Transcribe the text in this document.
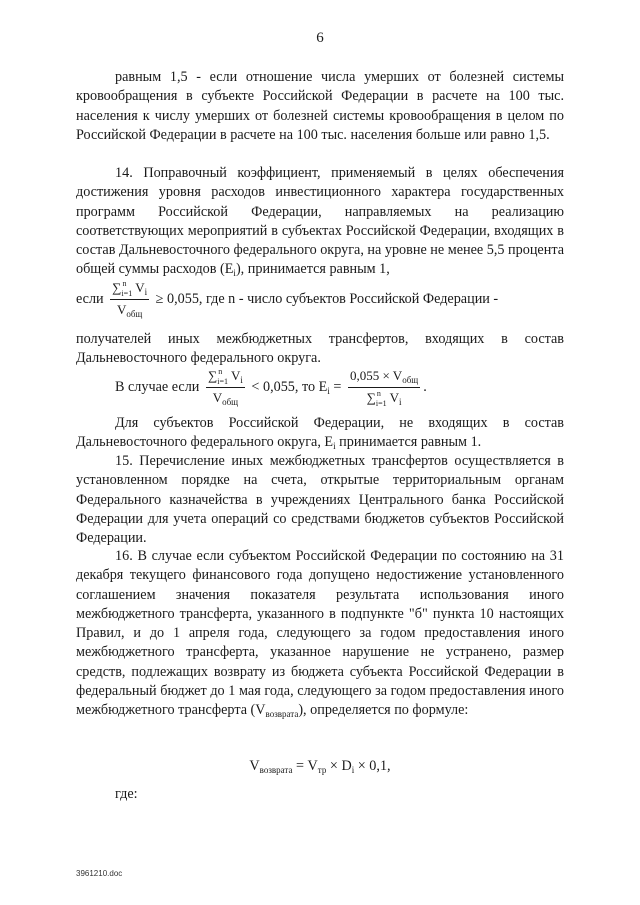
6

равным 1,5 - если отношение числа умерших от болезней системы кровообращения в субъекте Российской Федерации в расчете на 100 тыс. населения к числу умерших от болезней системы кровообращения в целом по Российской Федерации в расчете на 100 тыс. населения больше или равно 1,5.

14. Поправочный коэффициент, применяемый в целях обеспечения достижения уровня расходов инвестиционного характера государственных программ Российской Федерации, направляемых на реализацию соответствующих мероприятий в субъектах Российской Федерации, входящих в состав Дальневосточного федерального округа, на уровне не менее 5,5 процента общей суммы расходов $(E_i)$, принимается равным 1,

если $\frac{\sum^n_{i=1} V_i}{V_{общ}} \ge 0,055$, где n - число субъектов Российской Федерации -

получателей иных межбюджетных трансфертов, входящих в состав Дальневосточного федерального округа.

В случае если $\frac{\sum^n_{i=1} V_i}{V_{общ}} < 0,055$, то $E_i = \frac{0,055 \times V_{общ}}{\sum^n_{i=1} V_i}$ .

Для субъектов Российской Федерации, не входящих в состав Дальневосточного федерального округа, $E_i$ принимается равным 1.

15. Перечисление иных межбюджетных трансфертов осуществляется в установленном порядке на счета, открытые территориальным органам Федерального казначейства в учреждениях Центрального банка Российской Федерации для учета операций со средствами бюджетов субъектов Российской Федерации.

16. В случае если субъектом Российской Федерации по состоянию на 31 декабря текущего финансового года допущено недостижение установленного соглашением значения показателя результата использования иного межбюджетного трансферта, указанного в подпункте "б" пункта 10 настоящих Правил, и до 1 апреля года, следующего за годом предоставления иного межбюджетного трансферта, указанное нарушение не устранено, размер средств, подлежащих возврату из бюджета субъекта Российской Федерации в федеральный бюджет до 1 мая года, следующего за годом предоставления иного межбюджетного трансферта $(V_{возврата})$, определяется по формуле:

$V_{возврата} = V_{тр} \times D_i \times 0,1$,
где:
3961210.doc
